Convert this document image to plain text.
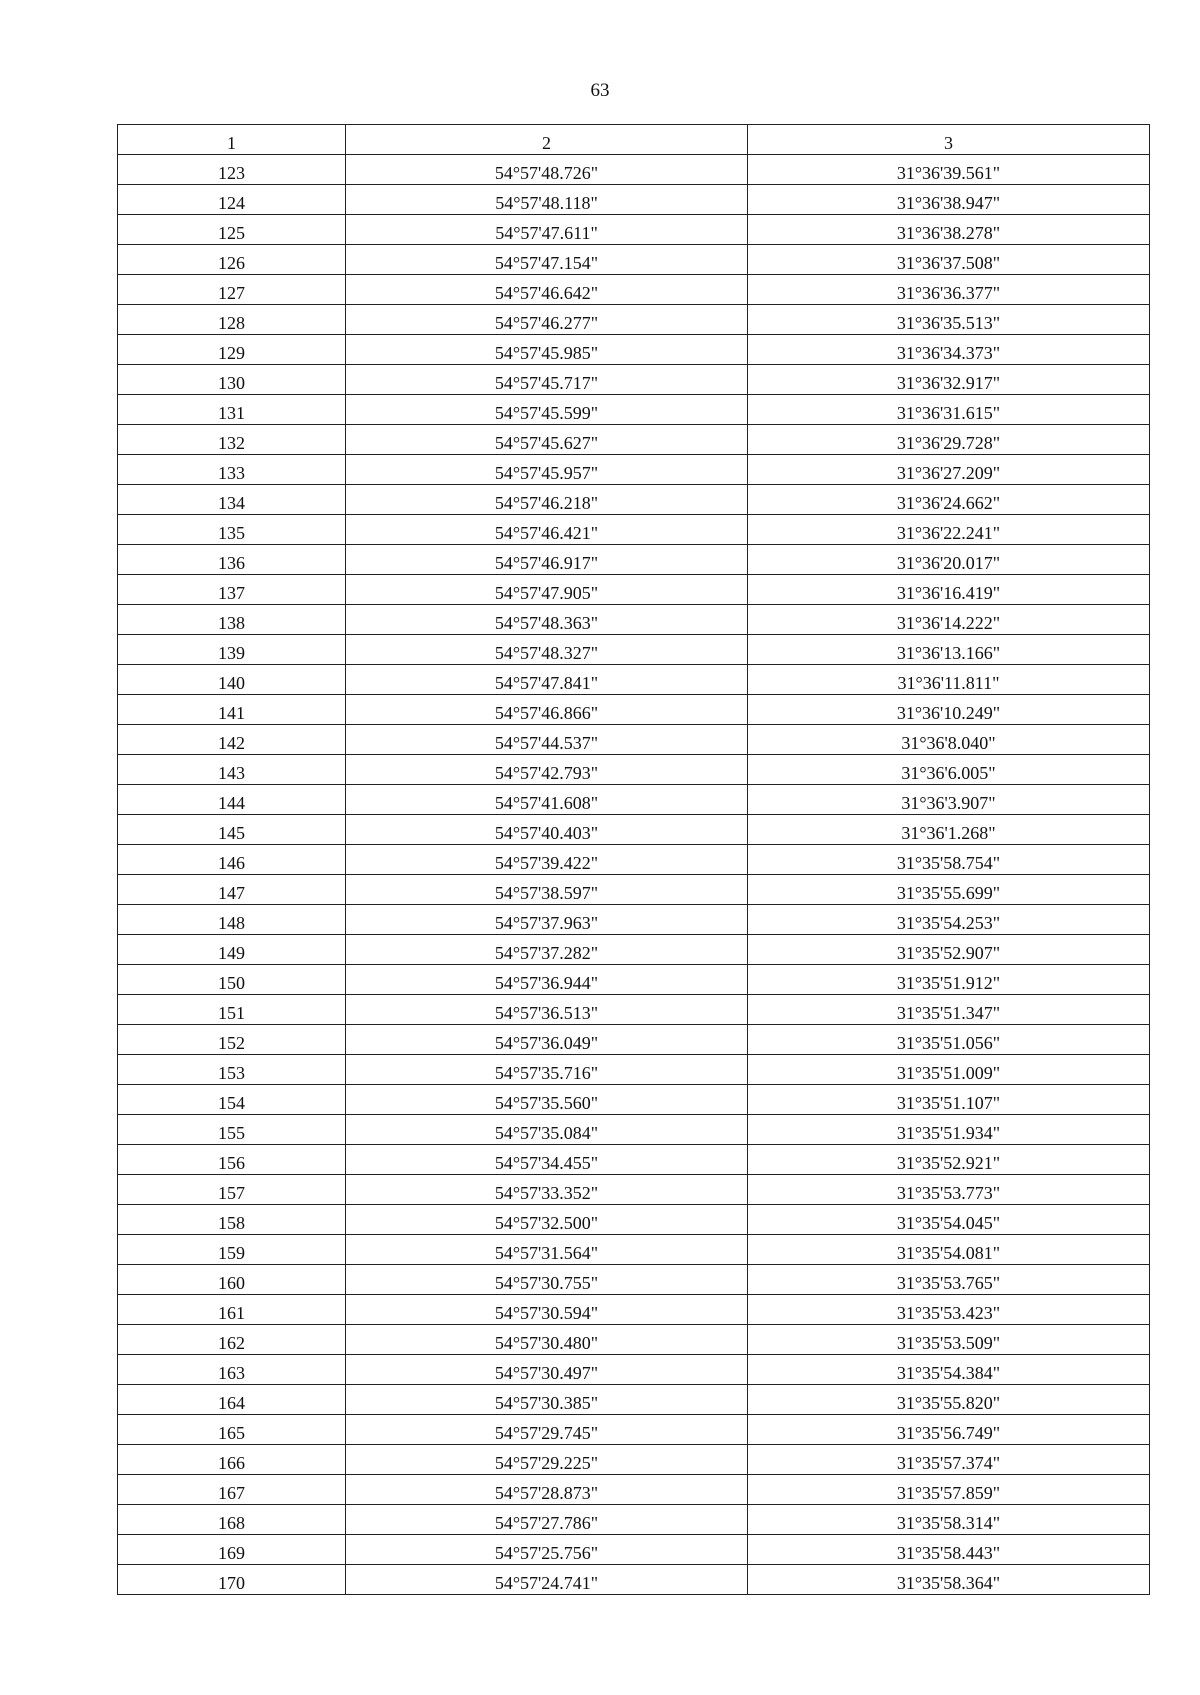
63
1	2	3
123	54°57'48.726"	31°36'39.561"
124	54°57'48.118"	31°36'38.947"
125	54°57'47.611"	31°36'38.278"
126	54°57'47.154"	31°36'37.508"
127	54°57'46.642"	31°36'36.377"
128	54°57'46.277"	31°36'35.513"
129	54°57'45.985"	31°36'34.373"
130	54°57'45.717"	31°36'32.917"
131	54°57'45.599"	31°36'31.615"
132	54°57'45.627"	31°36'29.728"
133	54°57'45.957"	31°36'27.209"
134	54°57'46.218"	31°36'24.662"
135	54°57'46.421"	31°36'22.241"
136	54°57'46.917"	31°36'20.017"
137	54°57'47.905"	31°36'16.419"
138	54°57'48.363"	31°36'14.222"
139	54°57'48.327"	31°36'13.166"
140	54°57'47.841"	31°36'11.811"
141	54°57'46.866"	31°36'10.249"
142	54°57'44.537"	31°36'8.040"
143	54°57'42.793"	31°36'6.005"
144	54°57'41.608"	31°36'3.907"
145	54°57'40.403"	31°36'1.268"
146	54°57'39.422"	31°35'58.754"
147	54°57'38.597"	31°35'55.699"
148	54°57'37.963"	31°35'54.253"
149	54°57'37.282"	31°35'52.907"
150	54°57'36.944"	31°35'51.912"
151	54°57'36.513"	31°35'51.347"
152	54°57'36.049"	31°35'51.056"
153	54°57'35.716"	31°35'51.009"
154	54°57'35.560"	31°35'51.107"
155	54°57'35.084"	31°35'51.934"
156	54°57'34.455"	31°35'52.921"
157	54°57'33.352"	31°35'53.773"
158	54°57'32.500"	31°35'54.045"
159	54°57'31.564"	31°35'54.081"
160	54°57'30.755"	31°35'53.765"
161	54°57'30.594"	31°35'53.423"
162	54°57'30.480"	31°35'53.509"
163	54°57'30.497"	31°35'54.384"
164	54°57'30.385"	31°35'55.820"
165	54°57'29.745"	31°35'56.749"
166	54°57'29.225"	31°35'57.374"
167	54°57'28.873"	31°35'57.859"
168	54°57'27.786"	31°35'58.314"
169	54°57'25.756"	31°35'58.443"
170	54°57'24.741"	31°35'58.364"
